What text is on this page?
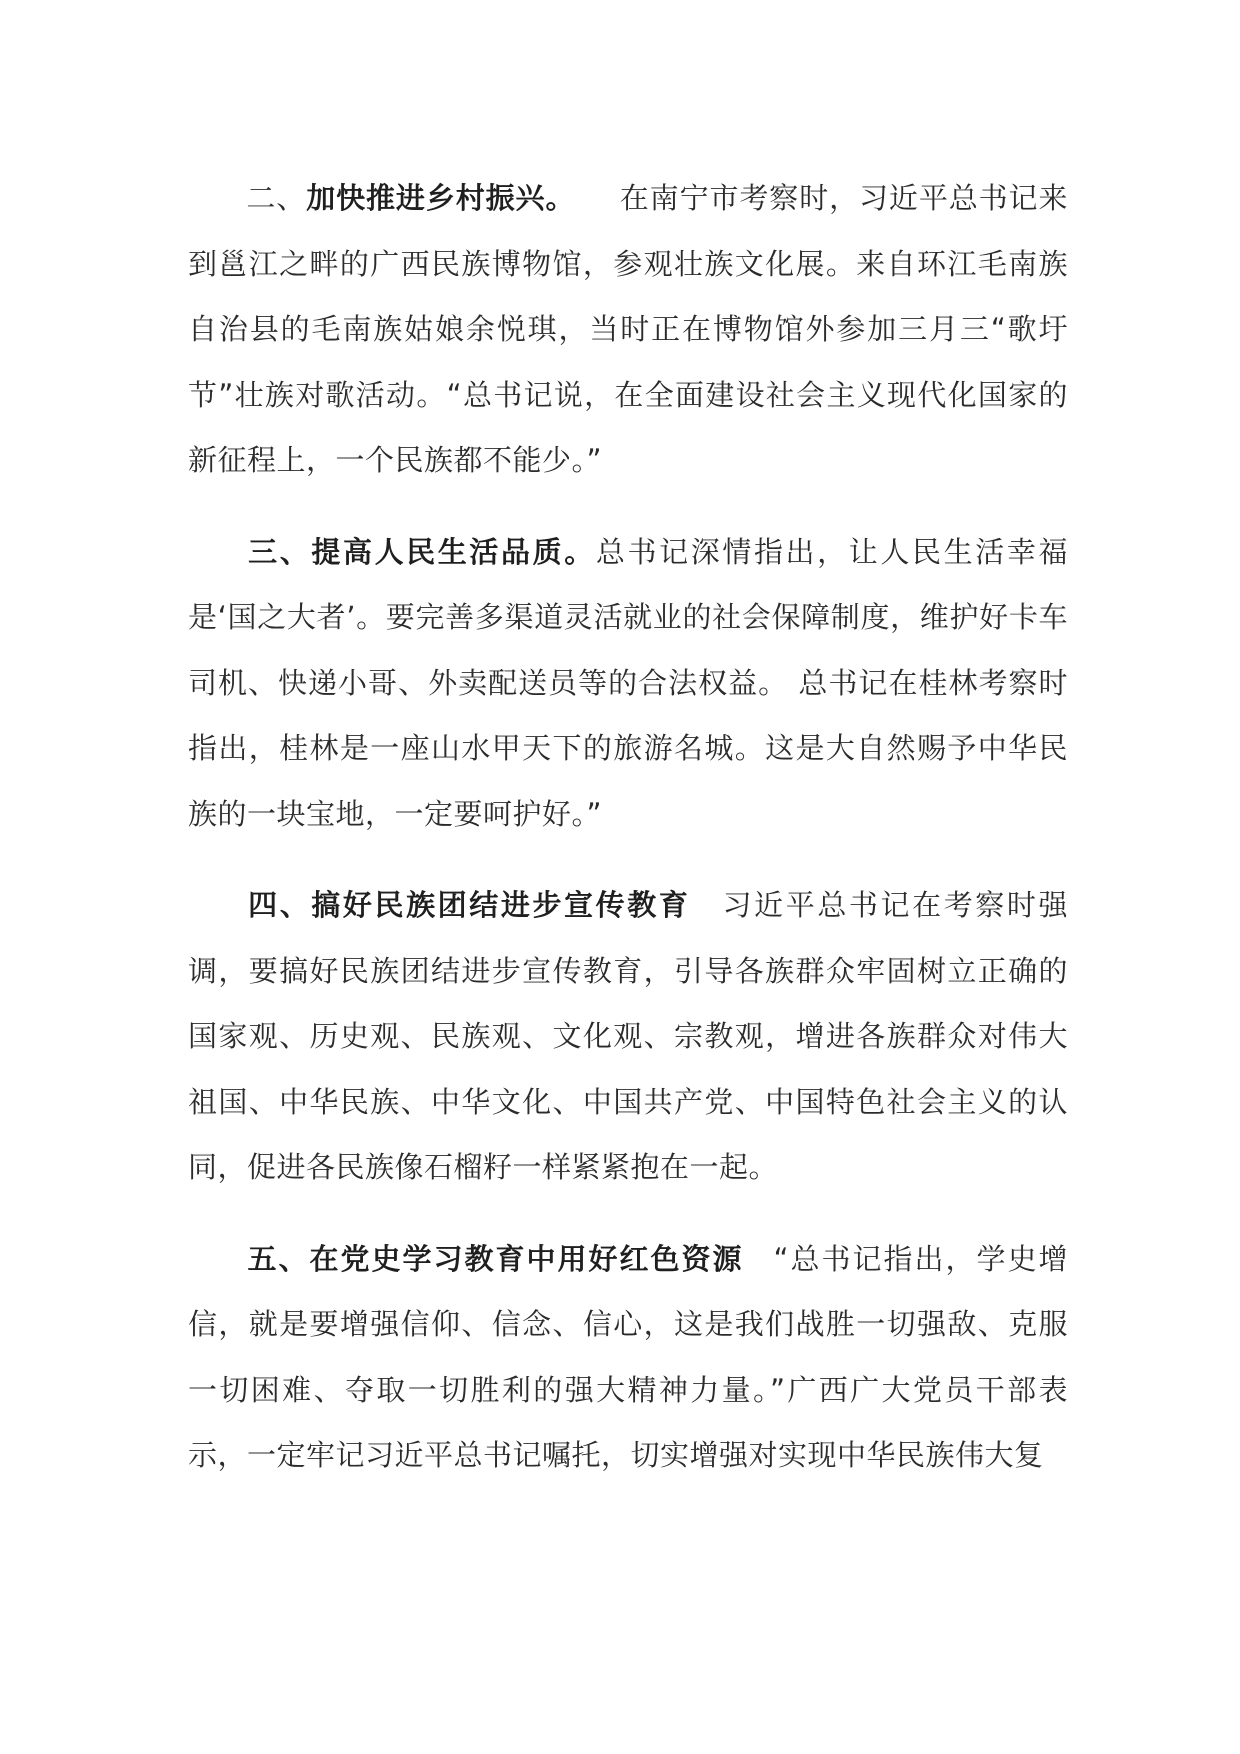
二、加快推进乡村振兴。 在南宁市考察时，习近平总书记来到邕江之畔的广西民族博物馆，参观壮族文化展。来自环江毛南族自治县的毛南族姑娘余悦琪，当时正在博物馆外参加三月三“歌圩节”壮族对歌活动。“总书记说，在全面建设社会主义现代化国家的新征程上，一个民族都不能少。”

三、提高人民生活品质。总书记深情指出，让人民生活幸福是‘国之大者’。要完善多渠道灵活就业的社会保障制度，维护好卡车司机、快递小哥、外卖配送员等的合法权益。 总书记在桂林考察时指出，桂林是一座山水甲天下的旅游名城。这是大自然赐予中华民族的一块宝地，一定要呵护好。”

四、搞好民族团结进步宣传教育 习近平总书记在考察时强调，要搞好民族团结进步宣传教育，引导各族群众牢固树立正确的国家观、历史观、民族观、文化观、宗教观，增进各族群众对伟大祖国、中华民族、中华文化、中国共产党、中国特色社会主义的认同，促进各民族像石榴籽一样紧紧抱在一起。

五、在党史学习教育中用好红色资源 “总书记指出，学史增信，就是要增强信仰、信念、信心，这是我们战胜一切强敌、克服一切困难、夺取一切胜利的强大精神力量。”广西广大党员干部表示，一定牢记习近平总书记嘱托，切实增强对实现中华民族伟大复
